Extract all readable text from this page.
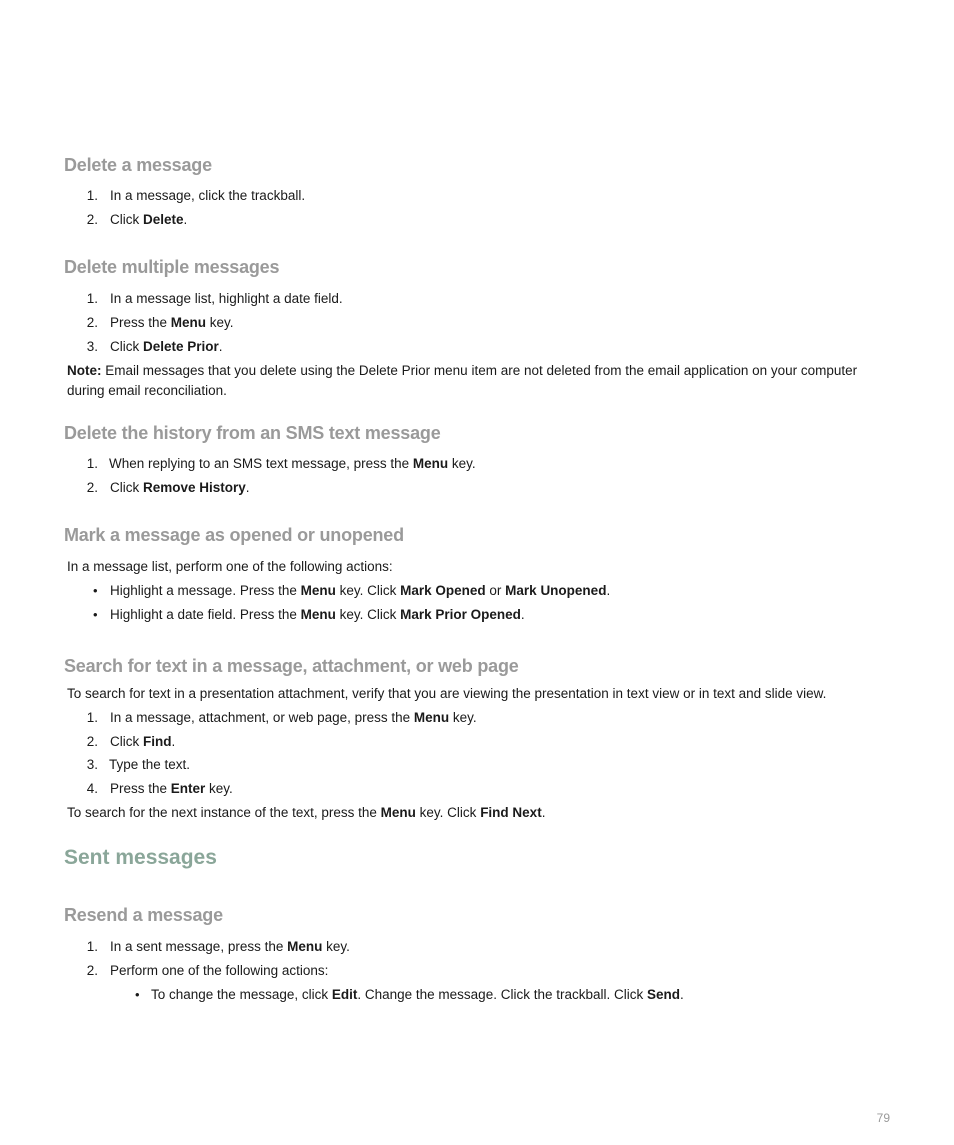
Delete a message
1. In a message, click the trackball.
2. Click Delete.
Delete multiple messages
1. In a message list, highlight a date field.
2. Press the Menu key.
3. Click Delete Prior.
Note: Email messages that you delete using the Delete Prior menu item are not deleted from the email application on your computer during email reconciliation.
Delete the history from an SMS text message
1. When replying to an SMS text message, press the Menu key.
2. Click Remove History.
Mark a message as opened or unopened
In a message list, perform one of the following actions:
• Highlight a message. Press the Menu key. Click Mark Opened or Mark Unopened.
• Highlight a date field. Press the Menu key. Click Mark Prior Opened.
Search for text in a message, attachment, or web page
To search for text in a presentation attachment, verify that you are viewing the presentation in text view or in text and slide view.
1. In a message, attachment, or web page, press the Menu key.
2. Click Find.
3. Type the text.
4. Press the Enter key.
To search for the next instance of the text, press the Menu key. Click Find Next.
Sent messages
Resend a message
1. In a sent message, press the Menu key.
2. Perform one of the following actions:
• To change the message, click Edit. Change the message. Click the trackball. Click Send.
79
